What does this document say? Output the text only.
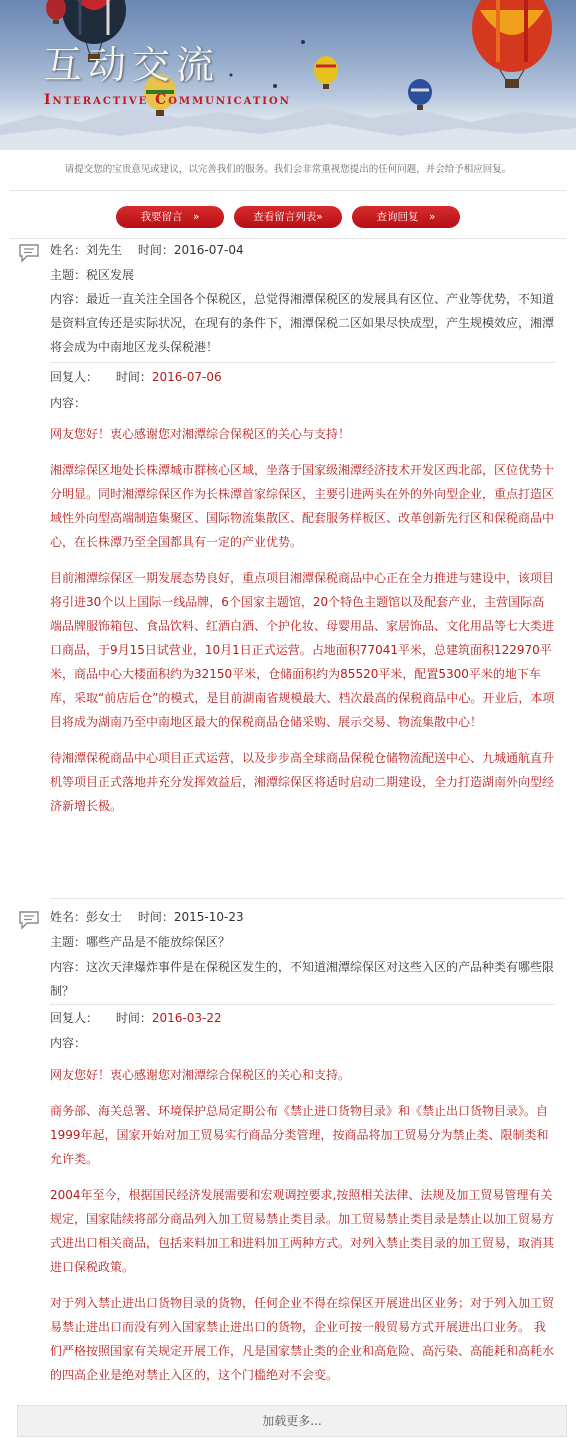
互动交流
Interactive Communication
请提交您的宝贵意见或建议，以完善我们的服务。我们会非常重视您提出的任何问题，并会给予相应回复。
我要留言　»	查看留言列表»	查询回复　»
姓名：刘先生 时间：2016-07-04
主题：税区发展
内容：最近一直关注全国各个保税区，总觉得湘潭保税区的发展具有区位、产业等优势，不知道是资料宣传还是实际状况，在现有的条件下，湘潭保税二区如果尽快成型，产生规模效应，湘潭将会成为中南地区龙头保税港！
回复人： 时间：2016-07-06
内容：

网友您好！衷心感谢您对湘潭综合保税区的关心与支持！

湘潭综保区地处长株潭城市群核心区域，坐落于国家级湘潭经济技术开发区西北部，区位优势十分明显。同时湘潭综保区作为长株潭首家综保区，主要引进两头在外的外向型企业，重点打造区域性外向型高端制造集聚区、国际物流集散区、配套服务样板区、改革创新先行区和保税商品中心，在长株潭乃至全国都具有一定的产业优势。

目前湘潭综保区一期发展态势良好，重点项目湘潭保税商品中心正在全力推进与建设中，该项目将引进30个以上国际一线品牌，6个国家主题馆，20个特色主题馆以及配套产业，主营国际高端品牌服饰箱包、食品饮料、红酒白酒、个护化妆、母婴用品、家居饰品、文化用品等七大类进口商品，于9月15日试营业，10月1日正式运营。占地面积77041平米，总建筑面积122970平米，商品中心大楼面积约为32150平米，仓储面积约为85520平米，配置5300平米的地下车库，采取“前店后仓”的模式，是目前湖南省规模最大、档次最高的保税商品中心。开业后，本项目将成为湖南乃至中南地区最大的保税商品仓储采购、展示交易、物流集散中心！

待湘潭保税商品中心项目正式运营，以及步步高全球商品保税仓储物流配送中心、九城通航直升机等项目正式落地并充分发挥效益后，湘潭综保区将适时启动二期建设，全力打造湖南外向型经济新增长极。

姓名：彭女士 时间：2015-10-23
主题：哪些产品是不能放综保区？
内容：这次天津爆炸事件是在保税区发生的，不知道湘潭综保区对这些入区的产品种类有哪些限制？
回复人： 时间：2016-03-22
内容：

网友您好！衷心感谢您对湘潭综合保税区的关心和支持。

商务部、海关总署、环境保护总局定期公布《禁止进口货物目录》和《禁止出口货物目录》。自1999年起，国家开始对加工贸易实行商品分类管理，按商品将加工贸易分为禁止类、限制类和允许类。

2004年至今，根据国民经济发展需要和宏观调控要求,按照相关法律、法规及加工贸易管理有关规定，国家陆续将部分商品列入加工贸易禁止类目录。加工贸易禁止类目录是禁止以加工贸易方式进出口相关商品，包括来料加工和进料加工两种方式。对列入禁止类目录的加工贸易，取消其进口保税政策。

对于列入禁止进出口货物目录的货物，任何企业不得在综保区开展进出区业务；对于列入加工贸易禁止进出口而没有列入国家禁止进出口的货物，企业可按一般贸易方式开展进出口业务。 我们严格按照国家有关规定开展工作，凡是国家禁止类的企业和高危险、高污染、高能耗和高耗水的四高企业是绝对禁止入区的，这个门槛绝对不会变。

加载更多...
